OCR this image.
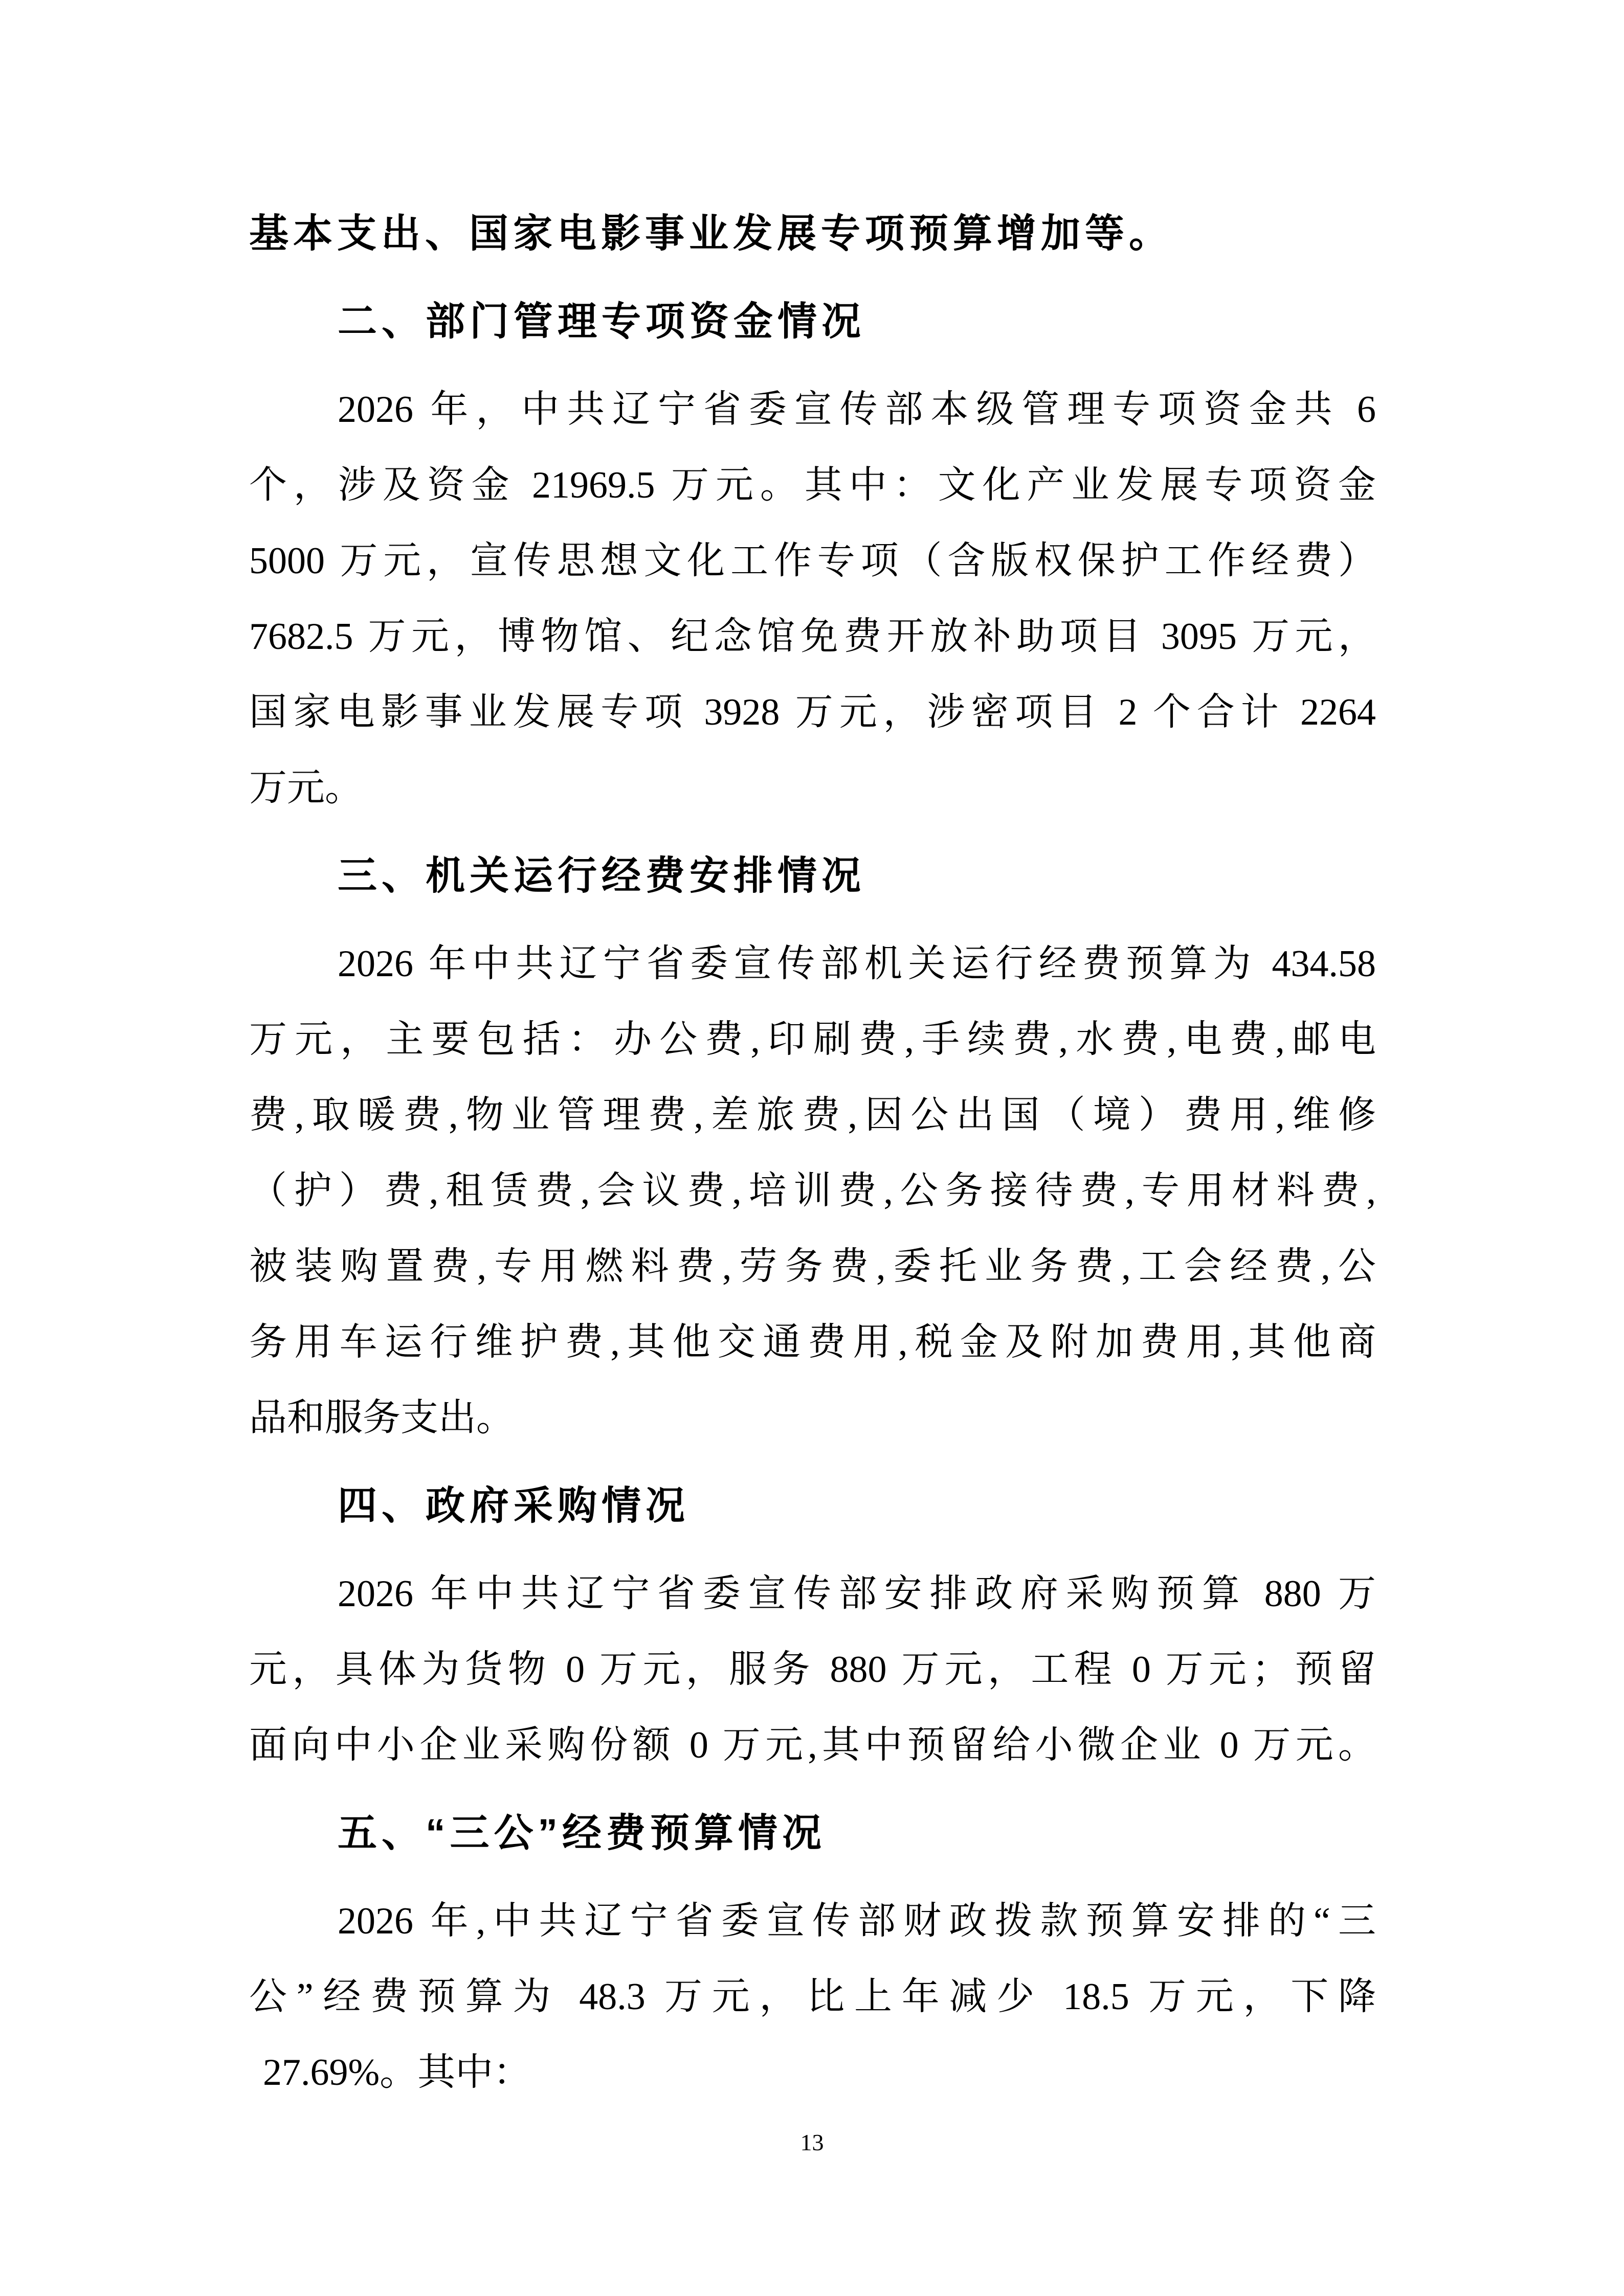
基本支出、国家电影事业发展专项预算增加等。
二、部门管理专项资金情况
2026 年，中共辽宁省委宣传部本级管理专项资金共 6
个，涉及资金 21969.5 万元。其中：文化产业发展专项资金
5000 万元，宣传思想文化工作专项（含版权保护工作经费）
7682.5 万元，博物馆、纪念馆免费开放补助项目 3095 万元，
国家电影事业发展专项 3928 万元，涉密项目 2 个合计 2264
万元。
三、机关运行经费安排情况
2026 年中共辽宁省委宣传部机关运行经费预算为 434.58
万元，主要包括：办公费,印刷费,手续费,水费,电费,邮电
费,取暖费,物业管理费,差旅费,因公出国（境）费用,维修
（护）费,租赁费,会议费,培训费,公务接待费,专用材料费,
被装购置费,专用燃料费,劳务费,委托业务费,工会经费,公
务用车运行维护费,其他交通费用,税金及附加费用,其他商
品和服务支出。
四、政府采购情况
2026 年中共辽宁省委宣传部安排政府采购预算 880 万
元，具体为货物 0 万元，服务 880 万元，工程 0 万元；预留
面向中小企业采购份额 0 万元,其中预留给小微企业 0 万元。
五、“三公”经费预算情况
2026 年,中共辽宁省委宣传部财政拨款预算安排的“三
公”经费预算为 48.3 万元，比上年减少 18.5 万元，下降
27.69%。其中：
13
